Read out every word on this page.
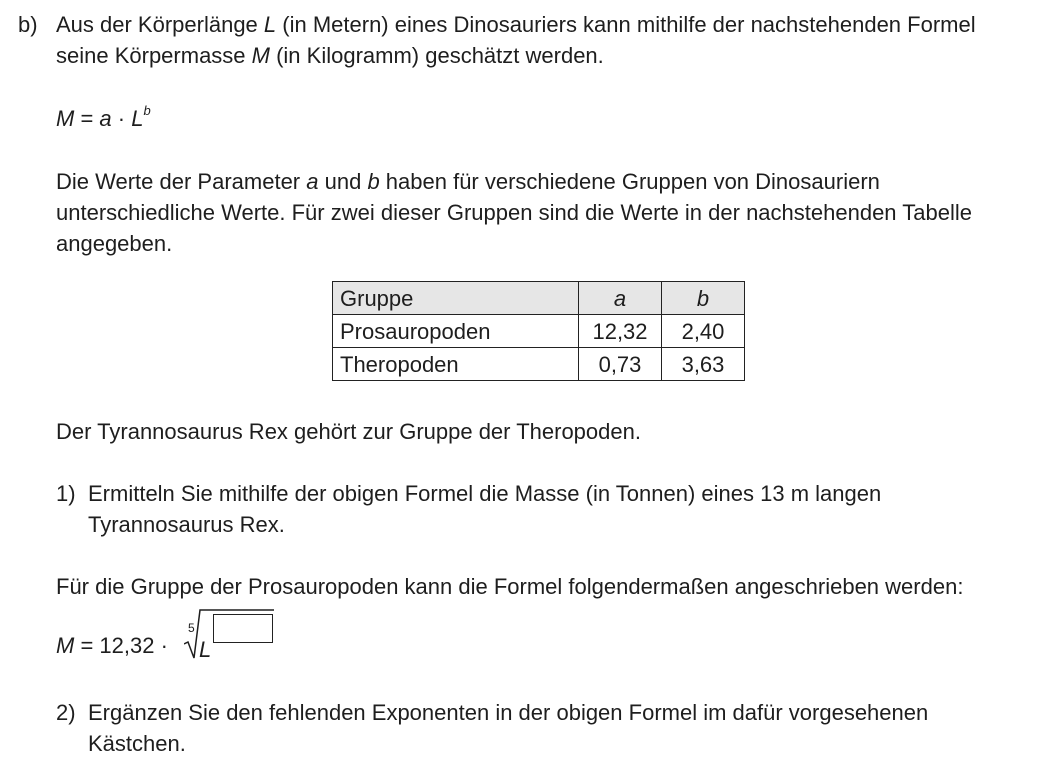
b) Aus der Körperlänge L (in Metern) eines Dinosauriers kann mithilfe der nachstehenden Formel seine Körpermasse M (in Kilogramm) geschätzt werden.
$M = a \cdot L^b$
Die Werte der Parameter a und b haben für verschiedene Gruppen von Dinosauriern unterschiedliche Werte. Für zwei dieser Gruppen sind die Werte in der nachstehenden Tabelle angegeben.
Gruppe	a	b
Prosauropoden	12,32	2,40
Theropoden	0,73	3,63
Der Tyrannosaurus Rex gehört zur Gruppe der Theropoden.
1) Ermitteln Sie mithilfe der obigen Formel die Masse (in Tonnen) eines 13 m langen Tyrannosaurus Rex.
Für die Gruppe der Prosauropoden kann die Formel folgendermaßen angeschrieben werden:
M = 12,32 ·
5
L
2) Ergänzen Sie den fehlenden Exponenten in der obigen Formel im dafür vorgesehenen Kästchen.
